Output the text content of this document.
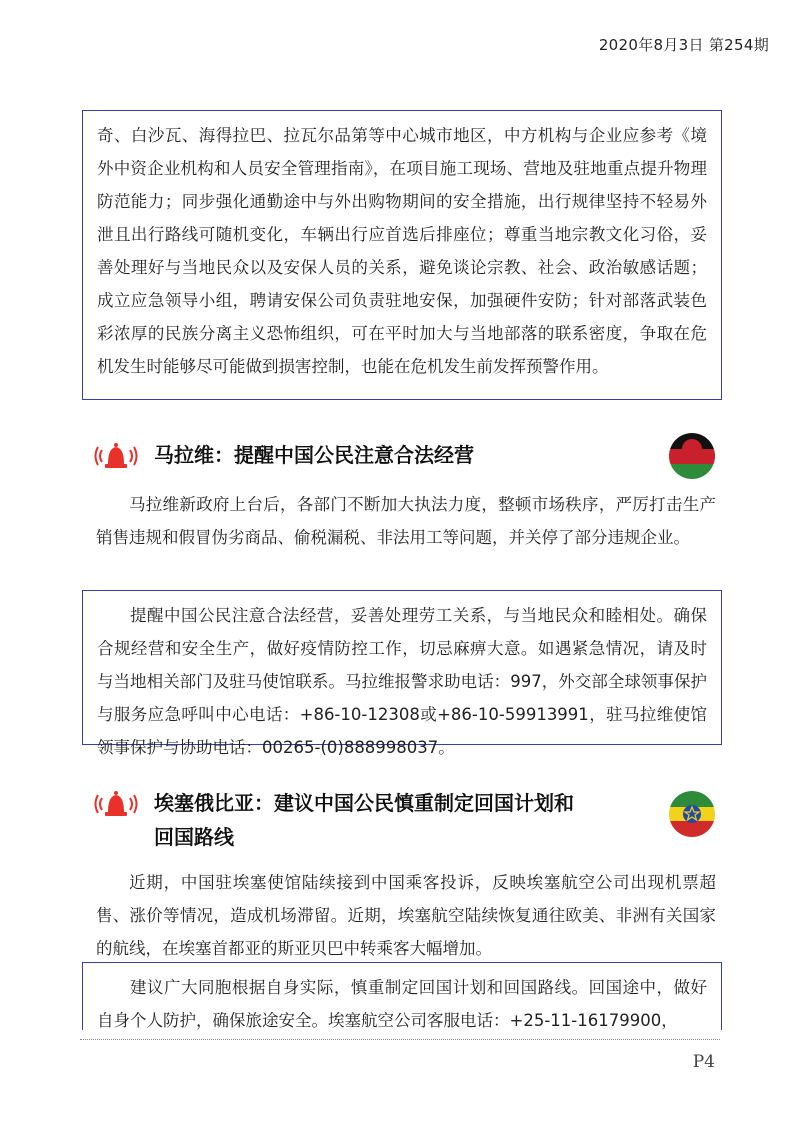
2020年8月3日 第254期

奇、白沙瓦、海得拉巴、拉瓦尔品第等中心城市地区，中方机构与企业应参考《境外中资企业机构和人员安全管理指南》，在项目施工现场、营地及驻地重点提升物理防范能力；同步强化通勤途中与外出购物期间的安全措施，出行规律坚持不轻易外泄且出行路线可随机变化，车辆出行应首选后排座位；尊重当地宗教文化习俗，妥善处理好与当地民众以及安保人员的关系，避免谈论宗教、社会、政治敏感话题；成立应急领导小组，聘请安保公司负责驻地安保，加强硬件安防；针对部落武装色彩浓厚的民族分离主义恐怖组织，可在平时加大与当地部落的联系密度，争取在危机发生时能够尽可能做到损害控制，也能在危机发生前发挥预警作用。

马拉维：提醒中国公民注意合法经营

马拉维新政府上台后，各部门不断加大执法力度，整顿市场秩序，严厉打击生产销售违规和假冒伪劣商品、偷税漏税、非法用工等问题，并关停了部分违规企业。

提醒中国公民注意合法经营，妥善处理劳工关系，与当地民众和睦相处。确保合规经营和安全生产，做好疫情防控工作，切忌麻痹大意。如遇紧急情况，请及时与当地相关部门及驻马使馆联系。马拉维报警求助电话：997，外交部全球领事保护与服务应急呼叫中心电话：+86-10-12308或+86-10-59913991，驻马拉维使馆领事保护与协助电话：00265-(0)888998037。

埃塞俄比亚：建议中国公民慎重制定回国计划和
回国路线

近期，中国驻埃塞使馆陆续接到中国乘客投诉，反映埃塞航空公司出现机票超售、涨价等情况，造成机场滞留。近期，埃塞航空陆续恢复通往欧美、非洲有关国家的航线，在埃塞首都亚的斯亚贝巴中转乘客大幅增加。

建议广大同胞根据自身实际，慎重制定回国计划和回国路线。回国途中，做好自身个人防护，确保旅途安全。埃塞航空公司客服电话：+25-11-16179900，

P4
